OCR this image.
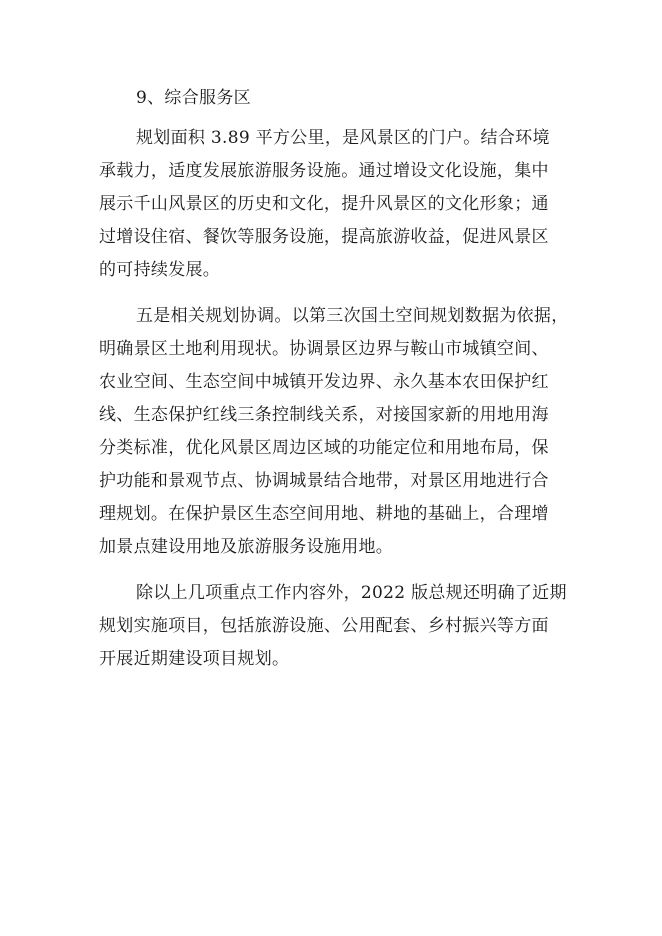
9、综合服务区
规划面积 3.89 平方公里，是风景区的门户。结合环境
承载力，适度发展旅游服务设施。通过增设文化设施，集中
展示千山风景区的历史和文化，提升风景区的文化形象；通
过增设住宿、餐饮等服务设施，提高旅游收益，促进风景区
的可持续发展。
五是相关规划协调。以第三次国土空间规划数据为依据，
明确景区土地利用现状。协调景区边界与鞍山市城镇空间、
农业空间、生态空间中城镇开发边界、永久基本农田保护红
线、生态保护红线三条控制线关系，对接国家新的用地用海
分类标准，优化风景区周边区域的功能定位和用地布局，保
护功能和景观节点、协调城景结合地带，对景区用地进行合
理规划。在保护景区生态空间用地、耕地的基础上，合理增
加景点建设用地及旅游服务设施用地。
除以上几项重点工作内容外，2022 版总规还明确了近期
规划实施项目，包括旅游设施、公用配套、乡村振兴等方面
开展近期建设项目规划。
